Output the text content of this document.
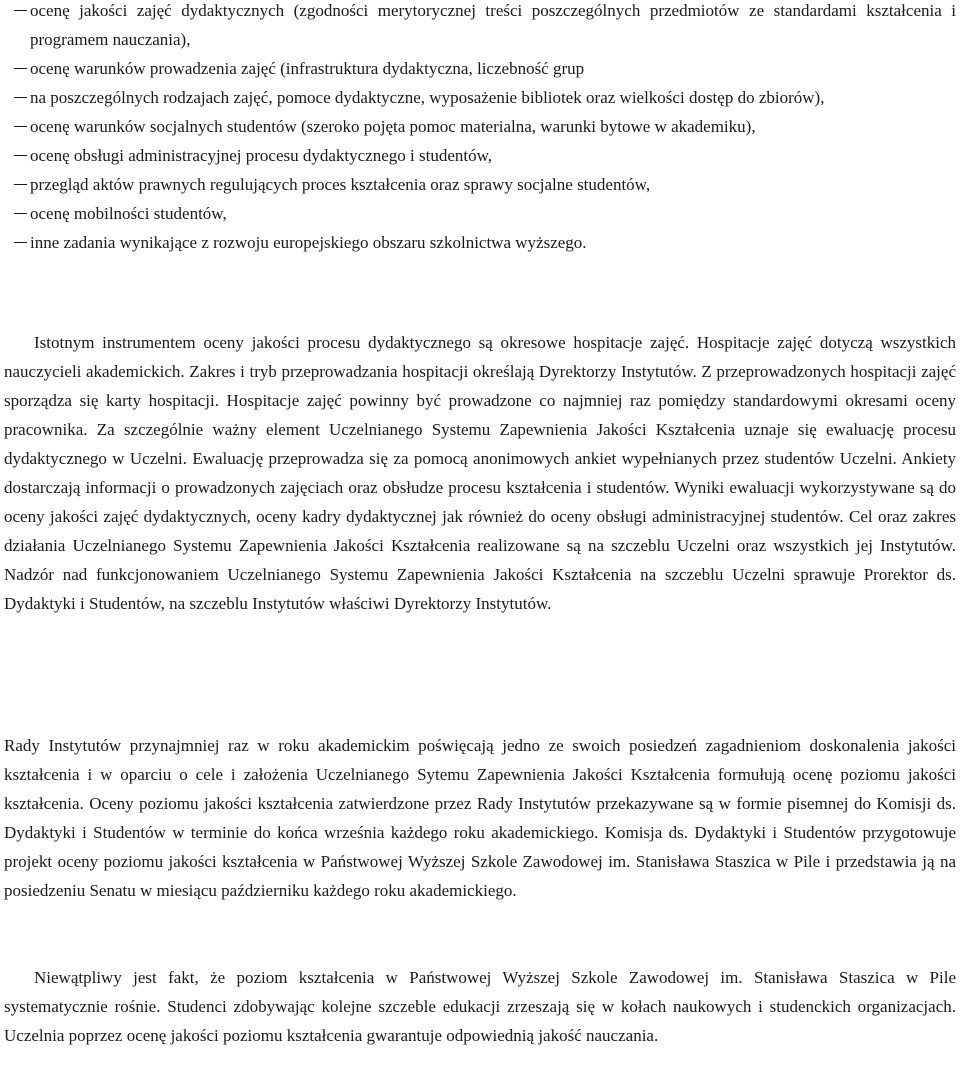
ocenę jakości zajęć dydaktycznych (zgodności merytorycznej treści poszczególnych przedmiotów ze standardami kształcenia i programem nauczania),
ocenę warunków prowadzenia zajęć (infrastruktura dydaktyczna, liczebność grup
na poszczególnych rodzajach zajęć, pomoce dydaktyczne, wyposażenie bibliotek oraz wielkości dostęp do zbiorów),
ocenę warunków socjalnych studentów (szeroko pojęta pomoc materialna, warunki bytowe w akademiku),
ocenę obsługi administracyjnej procesu dydaktycznego i studentów,
przegląd aktów prawnych regulujących proces kształcenia oraz sprawy socjalne studentów,
ocenę mobilności studentów,
inne zadania wynikające z rozwoju europejskiego obszaru szkolnictwa wyższego.

Istotnym instrumentem oceny jakości procesu dydaktycznego są okresowe hospitacje zajęć. Hospitacje zajęć dotyczą wszystkich nauczycieli akademickich. Zakres i tryb przeprowadzania hospitacji określają Dyrektorzy Instytutów. Z przeprowadzonych hospitacji zajęć sporządza się karty hospitacji. Hospitacje zajęć powinny być prowadzone co najmniej raz pomiędzy standardowymi okresami oceny pracownika. Za szczególnie ważny element Uczelnianego Systemu Zapewnienia Jakości Kształcenia uznaje się ewaluację procesu dydaktycznego w Uczelni. Ewaluację przeprowadza się za pomocą anonimowych ankiet wypełnianych przez studentów Uczelni. Ankiety dostarczają informacji o prowadzonych zajęciach oraz obsłudze procesu kształcenia i studentów. Wyniki ewaluacji wykorzystywane są do oceny jakości zajęć dydaktycznych, oceny kadry dydaktycznej jak również do oceny obsługi administracyjnej studentów. Cel oraz zakres działania Uczelnianego Systemu Zapewnienia Jakości Kształcenia realizowane są na szczeblu Uczelni oraz wszystkich jej Instytutów. Nadzór nad funkcjonowaniem Uczelnianego Systemu Zapewnienia Jakości Kształcenia na szczeblu Uczelni sprawuje Prorektor ds. Dydaktyki i Studentów, na szczeblu Instytutów właściwi Dyrektorzy Instytutów.

Rady Instytutów przynajmniej raz w roku akademickim poświęcają jedno ze swoich posiedzeń zagadnieniom doskonalenia jakości kształcenia i w oparciu o cele i założenia Uczelnianego Sytemu Zapewnienia Jakości Kształcenia formułują ocenę poziomu jakości kształcenia. Oceny poziomu jakości kształcenia zatwierdzone przez Rady Instytutów przekazywane są w formie pisemnej do Komisji ds. Dydaktyki i Studentów w terminie do końca września każdego roku akademickiego. Komisja ds. Dydaktyki i Studentów przygotowuje projekt oceny poziomu jakości kształcenia w Państwowej Wyższej Szkole Zawodowej im. Stanisława Staszica w Pile i przedstawia ją na posiedzeniu Senatu w miesiącu październiku każdego roku akademickiego.

Niewątpliwy jest fakt, że poziom kształcenia w Państwowej Wyższej Szkole Zawodowej im. Stanisława Staszica w Pile systematycznie rośnie. Studenci zdobywając kolejne szczeble edukacji zrzeszają się w kołach naukowych i studenckich organizacjach. Uczelnia poprzez ocenę jakości poziomu kształcenia gwarantuje odpowiednią jakość nauczania.
